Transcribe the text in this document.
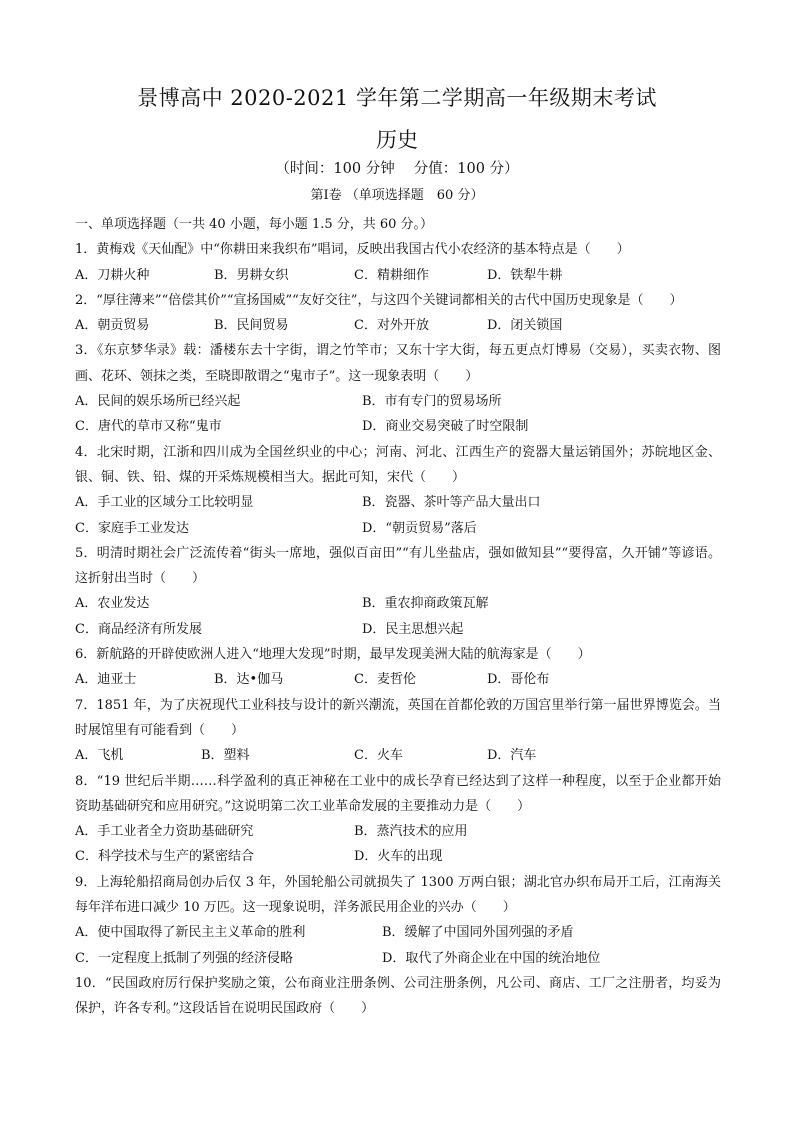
景博高中 2020-2021 学年第二学期高一年级期末考试
历史
（时间：100 分钟　 分值：100 分）
第Ⅰ卷 （单项选择题　60 分）
一、单项选择题（一共 40 小题，每小题 1.5 分，共 60 分。）
1．黄梅戏《天仙配》中“你耕田来我织布”唱词，反映出我国古代小农经济的基本特点是（　　）
A．刀耕火种	B．男耕女织	C．精耕细作	D．铁犁牛耕
2．“厚往薄来”“倍偿其价”“宣扬国威”“友好交往”，与这四个关键词都相关的古代中国历史现象是（　　）
A．朝贡贸易	B．民间贸易	C．对外开放	D．闭关锁国
3．《东京梦华录》载：潘楼东去十字街，谓之竹竿市；又东十字大街，每五更点灯博易（交易），买卖衣物、图画、花环、领抹之类，至晓即散谓之“鬼市子”。这一现象表明（　　）
A．民间的娱乐场所已经兴起	B．市有专门的贸易场所
C．唐代的草市又称“鬼市	D．商业交易突破了时空限制
4．北宋时期，江浙和四川成为全国丝织业的中心；河南、河北、江西生产的瓷器大量运销国外；苏皖地区金、银、铜、铁、铅、煤的开采炼规模相当大。据此可知，宋代（　　）
A．手工业的区域分工比较明显	B．瓷器、茶叶等产品大量出口
C．家庭手工业发达	D．“朝贡贸易”落后
5．明清时期社会广泛流传着“街头一席地，强似百亩田”“有儿坐盐店，强如做知县”“要得富，久开铺”等谚语。这折射出当时（　　）
A．农业发达	B．重农抑商政策瓦解
C．商品经济有所发展	D．民主思想兴起
6．新航路的开辟使欧洲人进入“地理大发现”时期，最早发现美洲大陆的航海家是（　　）
A．迪亚士	B．达•伽马	C．麦哲伦	D．哥伦布
7．1851 年，为了庆祝现代工业科技与设计的新兴潮流，英国在首都伦敦的万国宫里举行第一届世界博览会。当时展馆里有可能看到（　　）
A．飞机	B．塑料	C．火车	D．汽车
8．“19 世纪后半期……科学盈利的真正神秘在工业中的成长孕育已经达到了这样一种程度，以至于企业都开始资助基础研究和应用研究。”这说明第二次工业革命发展的主要推动力是（　　）
A．手工业者全力资助基础研究	B．蒸汽技术的应用
C．科学技术与生产的紧密结合	D．火车的出现
9．上海轮船招商局创办后仅 3 年，外国轮船公司就损失了 1300 万两白银；湖北官办织布局开工后，江南海关每年洋布进口减少 10 万匹。这一现象说明，洋务派民用企业的兴办（　　）
A．使中国取得了新民主主义革命的胜利	B．缓解了中国同外国列强的矛盾
C．一定程度上抵制了列强的经济侵略	D．取代了外商企业在中国的统治地位
10．“民国政府厉行保护奖励之策，公布商业注册条例、公司注册条例，凡公司、商店、工厂之注册者，均妥为保护，许各专利。”这段话旨在说明民国政府（　　）
